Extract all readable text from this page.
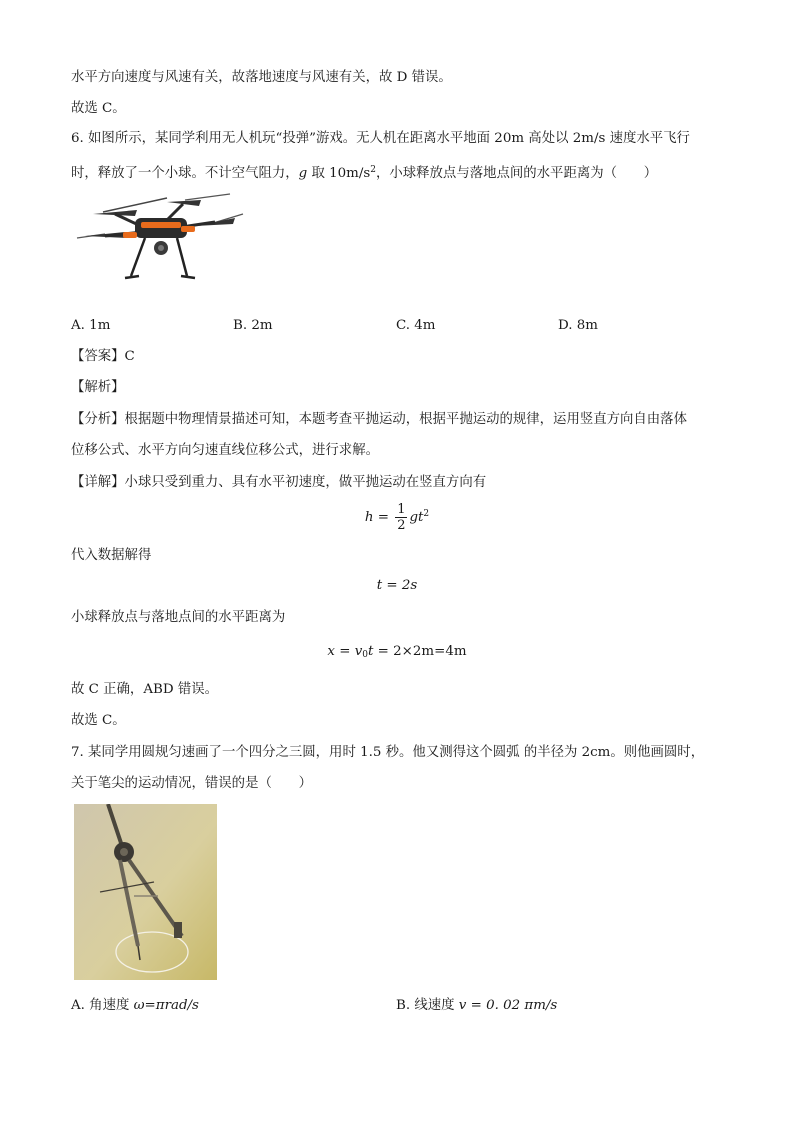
水平方向速度与风速有关，故落地速度与风速有关，故 D 错误。
故选 C。
6. 如图所示，某同学利用无人机玩“投弹”游戏。无人机在距离水平地面 20m 高处以 2m/s 速度水平飞行
时，释放了一个小球。不计空气阻力，g 取 $10m/s^2$，小球释放点与落地点间的水平距离为（　　）
A. 1m	B. 2m	C. 4m	D. 8m
【答案】C
【解析】
【分析】根据题中物理情景描述可知，本题考查平抛运动，根据平抛运动的规律，运用竖直方向自由落体
位移公式、水平方向匀速直线位移公式，进行求解。
【详解】小球只受到重力、具有水平初速度，做平抛运动在竖直方向有
$h = \frac{1}{2} gt^2$
代入数据解得
t = 2s
小球释放点与落地点间的水平距离为
$x = v_0t = 2\times 2m=4m$
故 C 正确，ABD 错误。
故选 C。
7. 某同学用圆规匀速画了一个四分之三圆，用时 1.5 秒。他又测得这个圆弧 的半径为 2cm。则他画圆时，
关于笔尖的运动情况，错误的是（　　）
A. 角速度 ω=πrad/s	B. 线速度 v = 0. 02 πm/s
